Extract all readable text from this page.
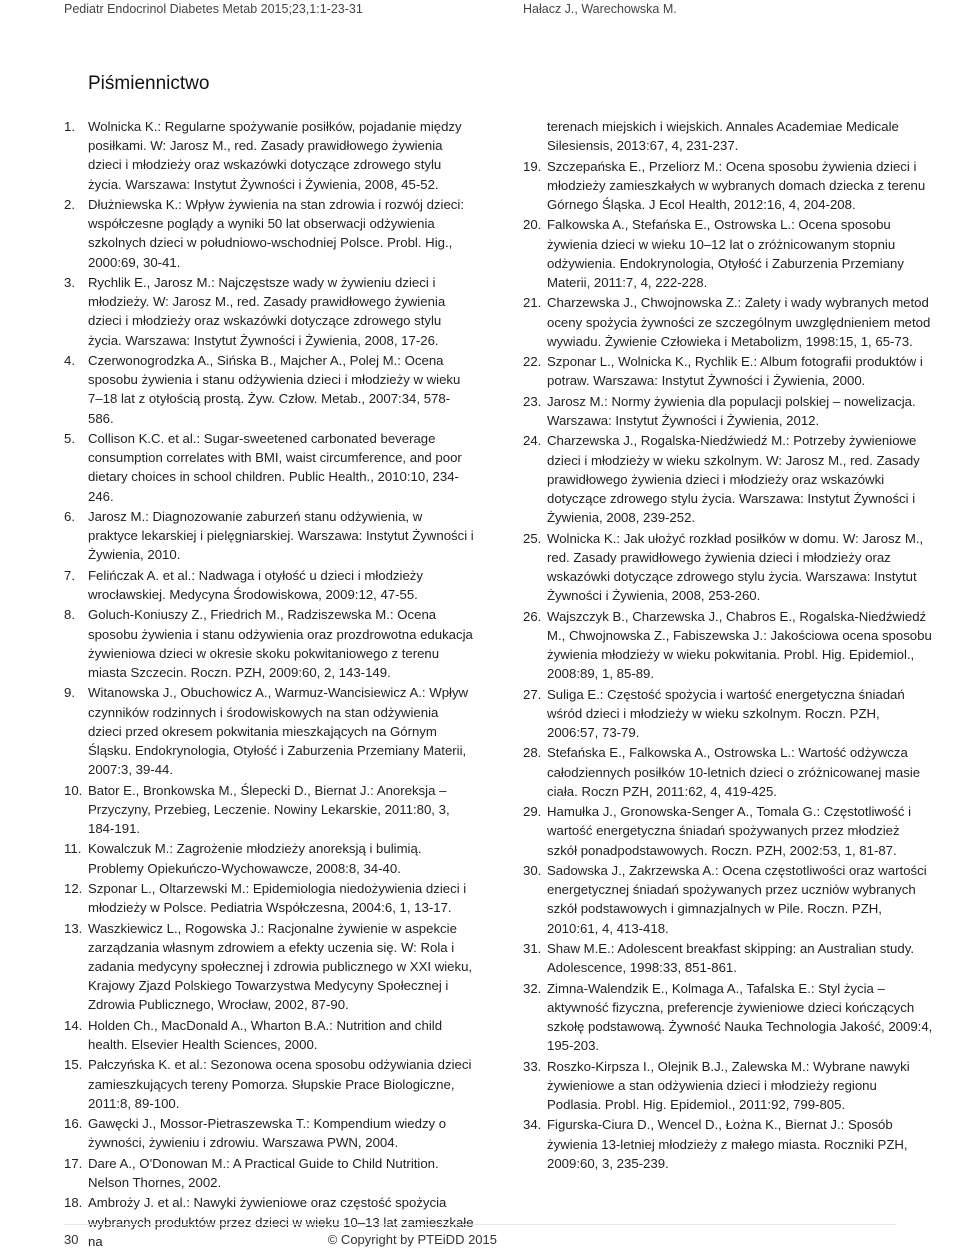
Pediatr Endocrinol Diabetes Metab 2015;23,1:1-23-31	Hałacz J., Warechowska M.
Piśmiennictwo
1. Wolnicka K.: Regularne spożywanie posiłków, pojadanie między posiłkami. W: Jarosz M., red. Zasady prawidłowego żywienia dzieci i młodzieży oraz wskazówki dotyczące zdrowego stylu życia. Warszawa: Instytut Żywności i Żywienia, 2008, 45-52.
2. Dłużniewska K.: Wpływ żywienia na stan zdrowia i rozwój dzieci: współczesne poglądy a wyniki 50 lat obserwacji odżywienia szkolnych dzieci w południowo-wschodniej Polsce. Probl. Hig., 2000:69, 30-41.
3. Rychlik E., Jarosz M.: Najczęstsze wady w żywieniu dzieci i młodzieży. W: Jarosz M., red. Zasady prawidłowego żywienia dzieci i młodzieży oraz wskazówki dotyczące zdrowego stylu życia. Warszawa: Instytut Żywności i Żywienia, 2008, 17-26.
4. Czerwonogrodzka A., Sińska B., Majcher A., Polej M.: Ocena sposobu żywienia i stanu odżywienia dzieci i młodzieży w wieku 7–18 lat z otyłością prostą. Żyw. Człow. Metab., 2007:34, 578-586.
5. Collison K.C. et al.: Sugar-sweetened carbonated beverage consumption correlates with BMI, waist circumference, and poor dietary choices in school children. Public Health., 2010:10, 234-246.
6. Jarosz M.: Diagnozowanie zaburzeń stanu odżywienia, w praktyce lekarskiej i pielęgniarskiej. Warszawa: Instytut Żywności i Żywienia, 2010.
7. Felińczak A. et al.: Nadwaga i otyłość u dzieci i młodzieży wrocławskiej. Medycyna Środowiskowa, 2009:12, 47-55.
8. Goluch-Koniuszy Z., Friedrich M., Radziszewska M.: Ocena sposobu żywienia i stanu odżywienia oraz prozdrowotna edukacja żywieniowa dzieci w okresie skoku pokwitaniowego z terenu miasta Szczecin. Roczn. PZH, 2009:60, 2, 143-149.
9. Witanowska J., Obuchowicz A., Warmuz-Wancisiewicz A.: Wpływ czynników rodzinnych i środowiskowych na stan odżywienia dzieci przed okresem pokwitania mieszkających na Górnym Śląsku. Endokrynologia, Otyłość i Zaburzenia Przemiany Materii, 2007:3, 39-44.
10. Bator E., Bronkowska M., Ślepecki D., Biernat J.: Anoreksja – Przyczyny, Przebieg, Leczenie. Nowiny Lekarskie, 2011:80, 3, 184-191.
11. Kowalczuk M.: Zagrożenie młodzieży anoreksją i bulimią. Problemy Opiekuńczo-Wychowawcze, 2008:8, 34-40.
12. Szponar L., Oltarzewski M.: Epidemiologia niedożywienia dzieci i młodzieży w Polsce. Pediatria Współczesna, 2004:6, 1, 13-17.
13. Waszkiewicz L., Rogowska J.: Racjonalne żywienie w aspekcie zarządzania własnym zdrowiem a efekty uczenia się. W: Rola i zadania medycyny społecznej i zdrowia publicznego w XXI wieku, Krajowy Zjazd Polskiego Towarzystwa Medycyny Społecznej i Zdrowia Publicznego, Wrocław, 2002, 87-90.
14. Holden Ch., MacDonald A., Wharton B.A.: Nutrition and child health. Elsevier Health Sciences, 2000.
15. Pałczyńska K. et al.: Sezonowa ocena sposobu odżywiania dzieci zamieszkujących tereny Pomorza. Słupskie Prace Biologiczne, 2011:8, 89-100.
16. Gawęcki J., Mossor-Pietraszewska T.: Kompendium wiedzy o żywności, żywieniu i zdrowiu. Warszawa PWN, 2004.
17. Dare A., O'Donowan M.: A Practical Guide to Child Nutrition. Nelson Thornes, 2002.
18. Ambroży J. et al.: Nawyki żywieniowe oraz częstość spożycia wybranych produktów przez dzieci w wieku 10–13 lat zamieszkałe na
terenach miejskich i wiejskich. Annales Academiae Medicale Silesiensis, 2013:67, 4, 231-237.
19. Szczepańska E., Przeliorz M.: Ocena sposobu żywienia dzieci i młodzieży zamieszkałych w wybranych domach dziecka z terenu Górnego Śląska. J Ecol Health, 2012:16, 4, 204-208.
20. Falkowska A., Stefańska E., Ostrowska L.: Ocena sposobu żywienia dzieci w wieku 10–12 lat o zróżnicowanym stopniu odżywienia. Endokrynologia, Otyłość i Zaburzenia Przemiany Materii, 2011:7, 4, 222-228.
21. Charzewska J., Chwojnowska Z.: Zalety i wady wybranych metod oceny spożycia żywności ze szczególnym uwzględnieniem metod wywiadu. Żywienie Człowieka i Metabolizm, 1998:15, 1, 65-73.
22. Szponar L., Wolnicka K., Rychlik E.: Album fotografii produktów i potraw. Warszawa: Instytut Żywności i Żywienia, 2000.
23. Jarosz M.: Normy żywienia dla populacji polskiej – nowelizacja. Warszawa: Instytut Żywności i Żywienia, 2012.
24. Charzewska J., Rogalska-Niedźwiedź M.: Potrzeby żywieniowe dzieci i młodzieży w wieku szkolnym. W: Jarosz M., red. Zasady prawidłowego żywienia dzieci i młodzieży oraz wskazówki dotyczące zdrowego stylu życia. Warszawa: Instytut Żywności i Żywienia, 2008, 239-252.
25. Wolnicka K.: Jak ułożyć rozkład posiłków w domu. W: Jarosz M., red. Zasady prawidłowego żywienia dzieci i młodzieży oraz wskazówki dotyczące zdrowego stylu życia. Warszawa: Instytut Żywności i Żywienia, 2008, 253-260.
26. Wajszczyk B., Charzewska J., Chabros E., Rogalska-Niedźwiedź M., Chwojnowska Z., Fabiszewska J.: Jakościowa ocena sposobu żywienia młodzieży w wieku pokwitania. Probl. Hig. Epidemiol., 2008:89, 1, 85-89.
27. Suliga E.: Częstość spożycia i wartość energetyczna śniadań wśród dzieci i młodzieży w wieku szkolnym. Roczn. PZH, 2006:57, 73-79.
28. Stefańska E., Falkowska A., Ostrowska L.: Wartość odżywcza całodziennych posiłków 10-letnich dzieci o zróżnicowanej masie ciała. Roczn PZH, 2011:62, 4, 419-425.
29. Hamułka J., Gronowska-Senger A., Tomala G.: Częstotliwość i wartość energetyczna śniadań spożywanych przez młodzież szkół ponadpodstawowych. Roczn. PZH, 2002:53, 1, 81-87.
30. Sadowska J., Zakrzewska A.: Ocena częstotliwości oraz wartości energetycznej śniadań spożywanych przez uczniów wybranych szkół podstawowych i gimnazjalnych w Pile. Roczn. PZH, 2010:61, 4, 413-418.
31. Shaw M.E.: Adolescent breakfast skipping: an Australian study. Adolescence, 1998:33, 851-861.
32. Zimna-Walendzik E., Kolmaga A., Tafalska E.: Styl życia – aktywność fizyczna, preferencje żywieniowe dzieci kończących szkołę podstawową. Żywność Nauka Technologia Jakość, 2009:4, 195-203.
33. Roszko-Kirpsza I., Olejnik B.J., Zalewska M.: Wybrane nawyki żywieniowe a stan odżywienia dzieci i młodzieży regionu Podlasia. Probl. Hig. Epidemiol., 2011:92, 799-805.
34. Figurska-Ciura D., Wencel D., Łożna K., Biernat J.: Sposób żywienia 13-letniej młodzieży z małego miasta. Roczniki PZH, 2009:60, 3, 235-239.
30	© Copyright by PTEiDD 2015
